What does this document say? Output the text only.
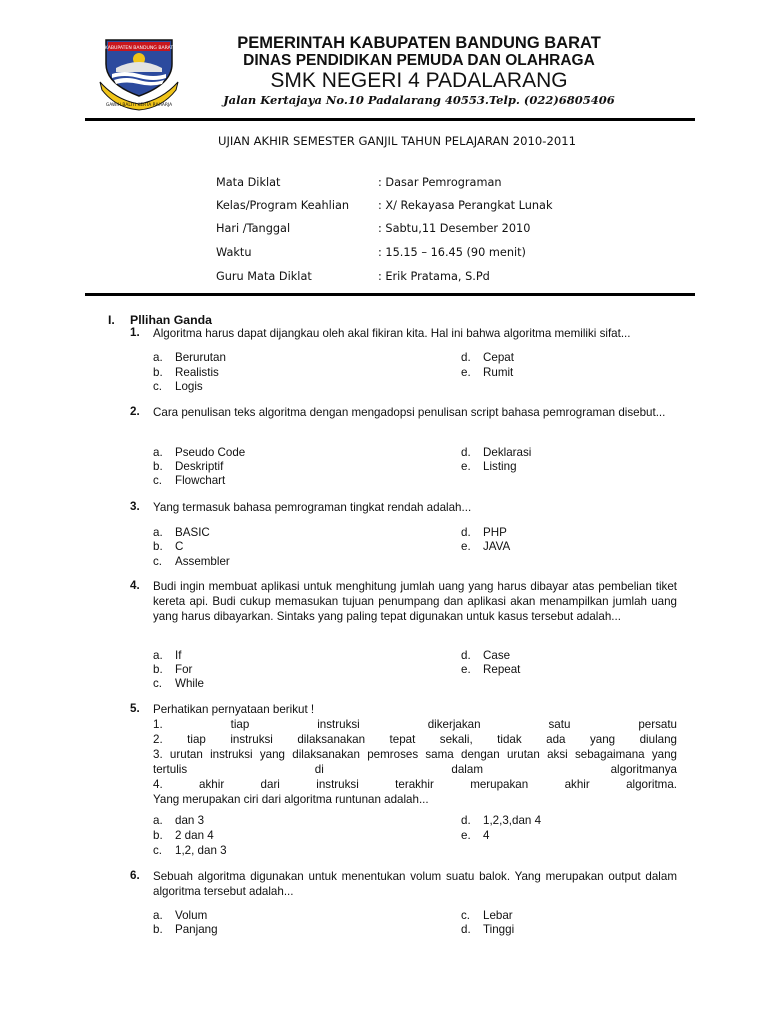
KABUPATEN BANDUNG BARAT
GAWIH BALITI KERTA RAHARJA
PEMERINTAH KABUPATEN BANDUNG BARAT
DINAS PENDIDIKAN PEMUDA DAN OLAHRAGA
SMK NEGERI 4 PADALARANG
Jalan Kertajaya No.10 Padalarang 40553.Telp. (022)6805406
UJIAN AKHIR SEMESTER GANJIL TAHUN PELAJARAN 2010-2011
Mata Diklat	: Dasar Pemrograman
Kelas/Program Keahlian	: X/ Rekayasa Perangkat Lunak
Hari /Tanggal	: Sabtu,11 Desember 2010
Waktu	: 15.15 – 16.45 (90 menit)
Guru Mata Diklat	: Erik Pratama, S.Pd
I. Pllihan Ganda
1. Algoritma harus dapat dijangkau oleh akal fikiran kita. Hal ini bahwa algoritma memiliki sifat...
a. Berurutan
b. Realistis
c. Logis
d. Cepat
e. Rumit
2. Cara penulisan teks algoritma dengan mengadopsi penulisan script bahasa pemrograman disebut...
a. Pseudo Code
b. Deskriptif
c. Flowchart
d. Deklarasi
e. Listing
3. Yang termasuk bahasa pemrograman tingkat rendah adalah...
a. BASIC
b. C
c. Assembler
d. PHP
e. JAVA
4. Budi ingin membuat aplikasi untuk menghitung jumlah uang yang harus dibayar atas pembelian tiket kereta api. Budi cukup memasukan tujuan penumpang dan aplikasi akan menampilkan jumlah uang yang harus dibayarkan. Sintaks yang paling tepat digunakan untuk kasus tersebut adalah...
a. If
b. For
c. While
d. Case
e. Repeat
5. Perhatikan pernyataan berikut !
1. tiap instruksi dikerjakan satu persatu
2. tiap instruksi dilaksanakan tepat sekali, tidak ada yang diulang
3. urutan instruksi yang dilaksanakan pemroses sama dengan urutan aksi sebagaimana yang
tertulis di dalam algoritmanya
4. akhir dari instruksi terakhir merupakan akhir algoritma.
Yang merupakan ciri dari algoritma runtunan adalah...
a. dan 3
b. 2 dan 4
c. 1,2, dan 3
d. 1,2,3,dan 4
e. 4
6. Sebuah algoritma digunakan untuk menentukan volum suatu balok. Yang merupakan output dalam algoritma tersebut adalah...
a. Volum
b. Panjang
c. Lebar
d. Tinggi
